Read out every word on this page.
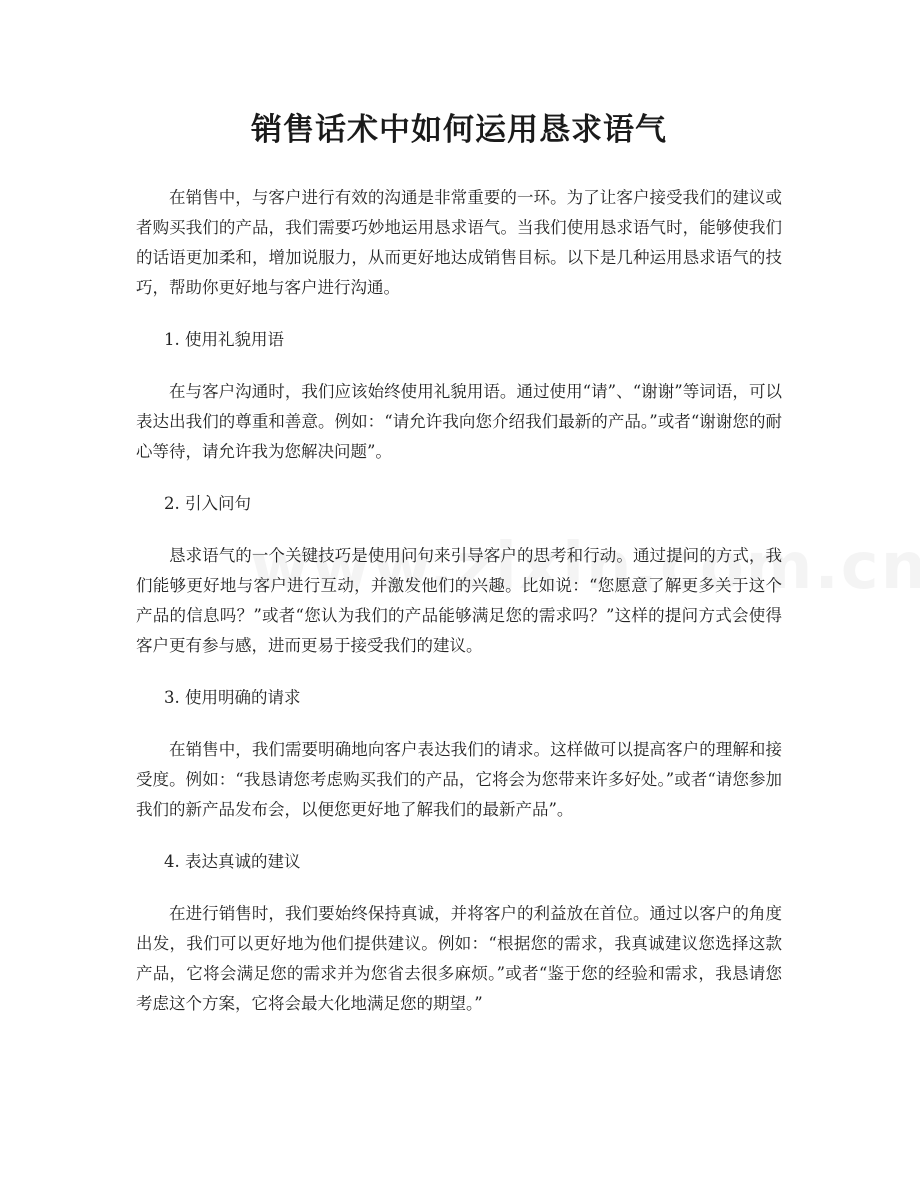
销售话术中如何运用恳求语气

在销售中，与客户进行有效的沟通是非常重要的一环。为了让客户接受我们的建议或者购买我们的产品，我们需要巧妙地运用恳求语气。当我们使用恳求语气时，能够使我们的话语更加柔和，增加说服力，从而更好地达成销售目标。以下是几种运用恳求语气的技巧，帮助你更好地与客户进行沟通。

1. 使用礼貌用语

在与客户沟通时，我们应该始终使用礼貌用语。通过使用“请”、“谢谢”等词语，可以表达出我们的尊重和善意。例如：“请允许我向您介绍我们最新的产品。”或者“谢谢您的耐心等待，请允许我为您解决问题”。

2. 引入问句

恳求语气的一个关键技巧是使用问句来引导客户的思考和行动。通过提问的方式，我们能够更好地与客户进行互动，并激发他们的兴趣。比如说：“您愿意了解更多关于这个产品的信息吗？”或者“您认为我们的产品能够满足您的需求吗？”这样的提问方式会使得客户更有参与感，进而更易于接受我们的建议。

3. 使用明确的请求

在销售中，我们需要明确地向客户表达我们的请求。这样做可以提高客户的理解和接受度。例如：“我恳请您考虑购买我们的产品，它将会为您带来许多好处。”或者“请您参加我们的新产品发布会，以便您更好地了解我们的最新产品”。

4. 表达真诚的建议

在进行销售时，我们要始终保持真诚，并将客户的利益放在首位。通过以客户的角度出发，我们可以更好地为他们提供建议。例如：“根据您的需求，我真诚建议您选择这款产品，它将会满足您的需求并为您省去很多麻烦。”或者“鉴于您的经验和需求，我恳请您考虑这个方案，它将会最大化地满足您的期望。”
